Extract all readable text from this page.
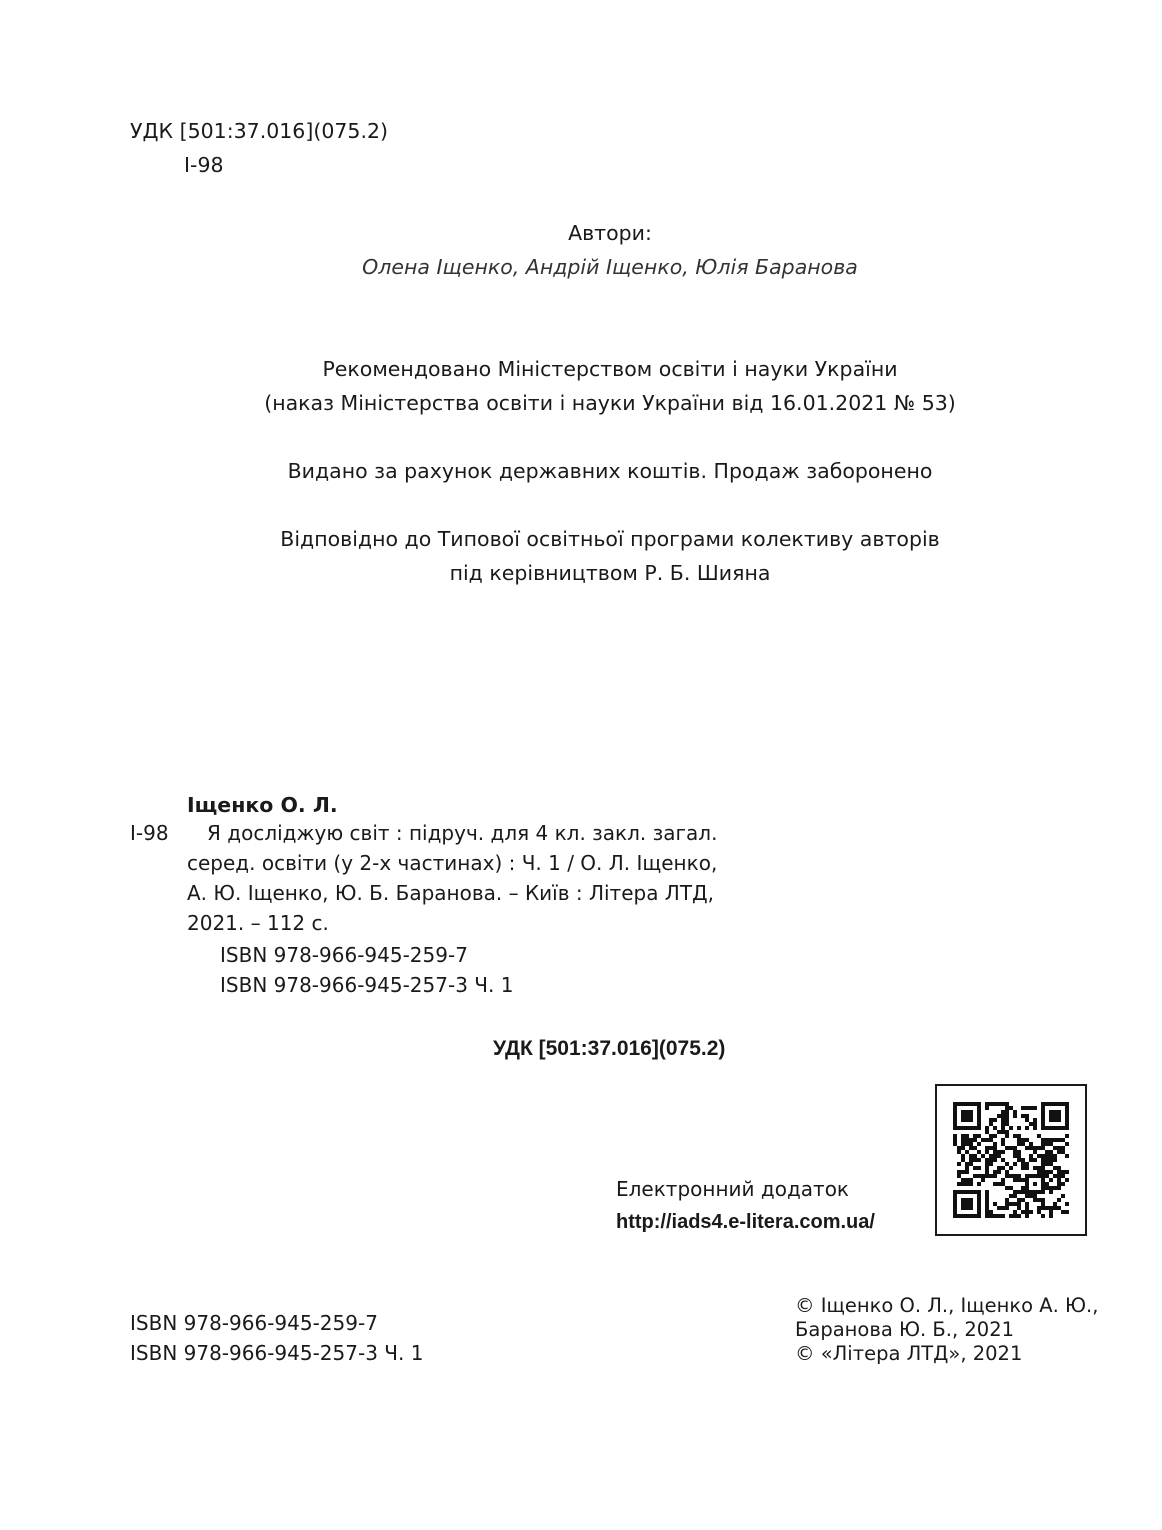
УДК [501:37.016](075.2)

І-98

Автори:
Олена Іщенко, Андрій Іщенко, Юлія Баранова
Рекомендовано Міністерством освіти і науки України
(наказ Міністерства освіти і науки України від 16.01.2021 № 53)
Видано за рахунок державних коштів. Продаж заборонено
Відповідно до Типової освітньої програми колективу авторів
під керівництвом Р. Б. Шияна

Іщенко О. Л.

І-98	Я досліджую світ : підруч. для 4 кл. закл. загал.
серед. освіти (у 2-х частинах) : Ч. 1 / О. Л. Іщенко,
А. Ю. Іщенко, Ю. Б. Баранова. – Київ : Літера ЛТД,
2021. – 112 с.
ISBN 978-966-945-259-7
ISBN 978-966-945-257-3 Ч. 1

УДК [501:37.016](075.2)

Електронний додаток

http://iads4.e-litera.com.ua/

ISBN 978-966-945-259-7
ISBN 978-966-945-257-3 Ч. 1
© Іщенко О. Л., Іщенко А. Ю.,
Баранова Ю. Б., 2021
© «Літера ЛТД», 2021
